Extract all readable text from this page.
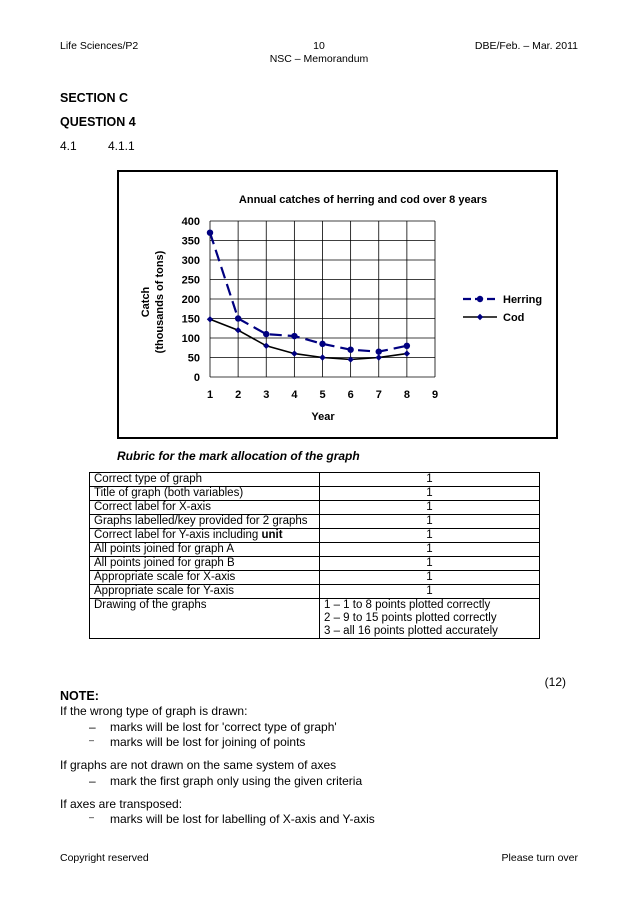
Life Sciences/P2	10
NSC – Memorandum
DBE/Feb. – Mar. 2011
SECTION C
QUESTION 4
4.1	4.1.1
Annual catches of herring and cod over 8 years
0
50
100
150
200
250
300
350
400
1 2 3 4 5 6 7 8 9
Catch (thousands of tons)
Year
Herring
Cod
Rubric for the mark allocation of the graph
Correct type of graph	1
Title of graph (both variables)	1
Correct label for X-axis	1
Graphs labelled/key provided for 2 graphs	1
Correct label for Y-axis including unit	1
All points joined for graph A	1
All points joined for graph B	1
Appropriate scale for X-axis	1
Appropriate scale for Y-axis	1
Drawing of the graphs	1 – 1 to 8 points plotted correctly
2 – 9 to 15 points plotted correctly
3 – all 16 points plotted accurately
(12)
NOTE:
If the wrong type of graph is drawn:
– marks will be lost for 'correct type of graph'
– marks will be lost for joining of points
If graphs are not drawn on the same system of axes
– mark the first graph only using the given criteria
If axes are transposed:
– marks will be lost for labelling of X-axis and Y-axis
Copyright reserved	Please turn over
